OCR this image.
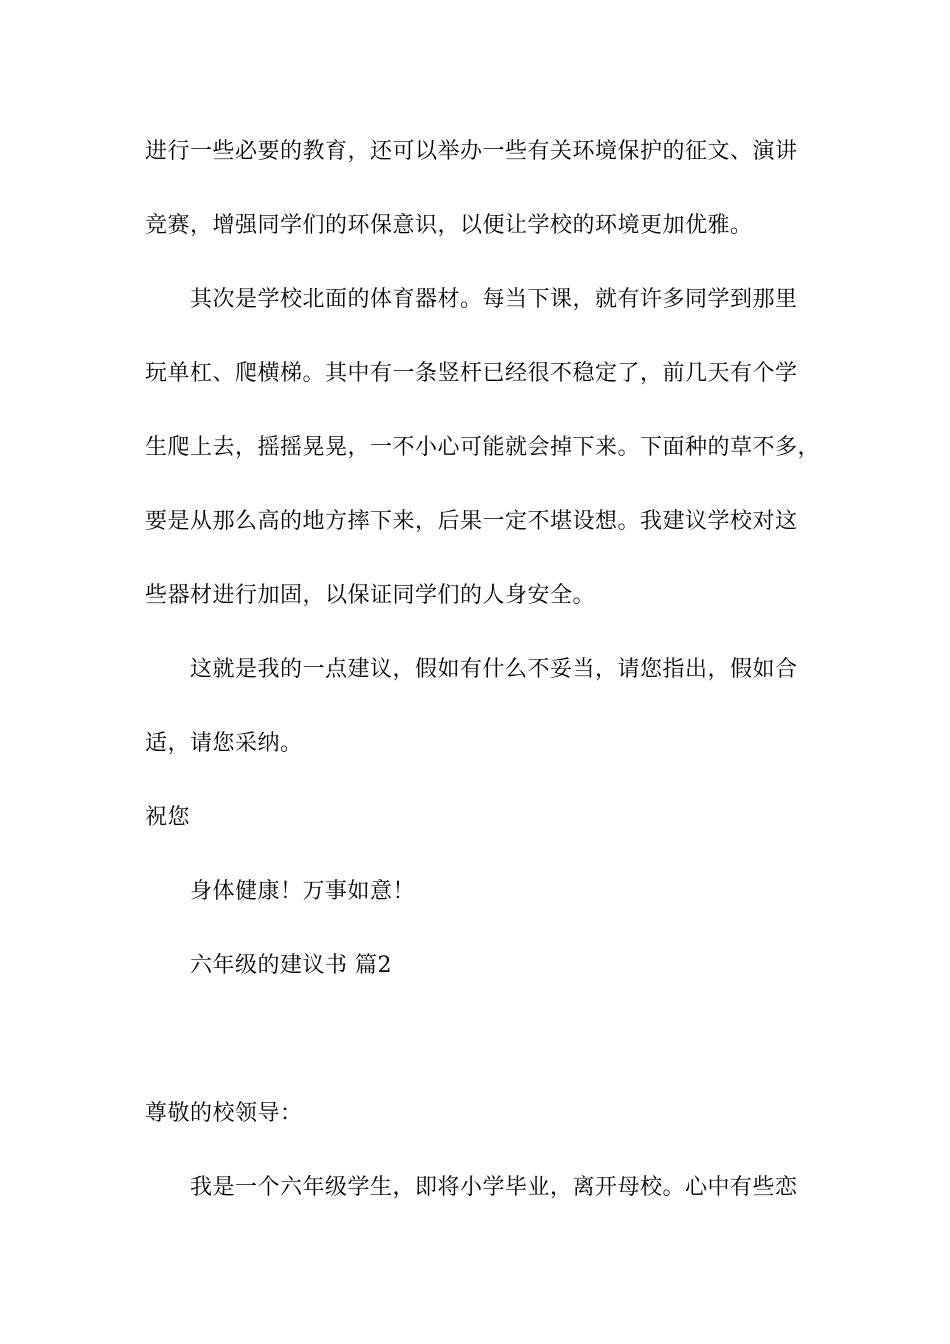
进行一些必要的教育，还可以举办一些有关环境保护的征文、演讲

竞赛，增强同学们的环保意识，以便让学校的环境更加优雅。

其次是学校北面的体育器材。每当下课，就有许多同学到那里

玩单杠、爬横梯。其中有一条竖杆已经很不稳定了，前几天有个学

生爬上去，摇摇晃晃，一不小心可能就会掉下来。下面种的草不多，

要是从那么高的地方摔下来，后果一定不堪设想。我建议学校对这

些器材进行加固，以保证同学们的人身安全。

这就是我的一点建议，假如有什么不妥当，请您指出，假如合

适，请您采纳。

祝您

身体健康！万事如意！

六年级的建议书 篇2

尊敬的校领导：

我是一个六年级学生，即将小学毕业，离开母校。心中有些恋
